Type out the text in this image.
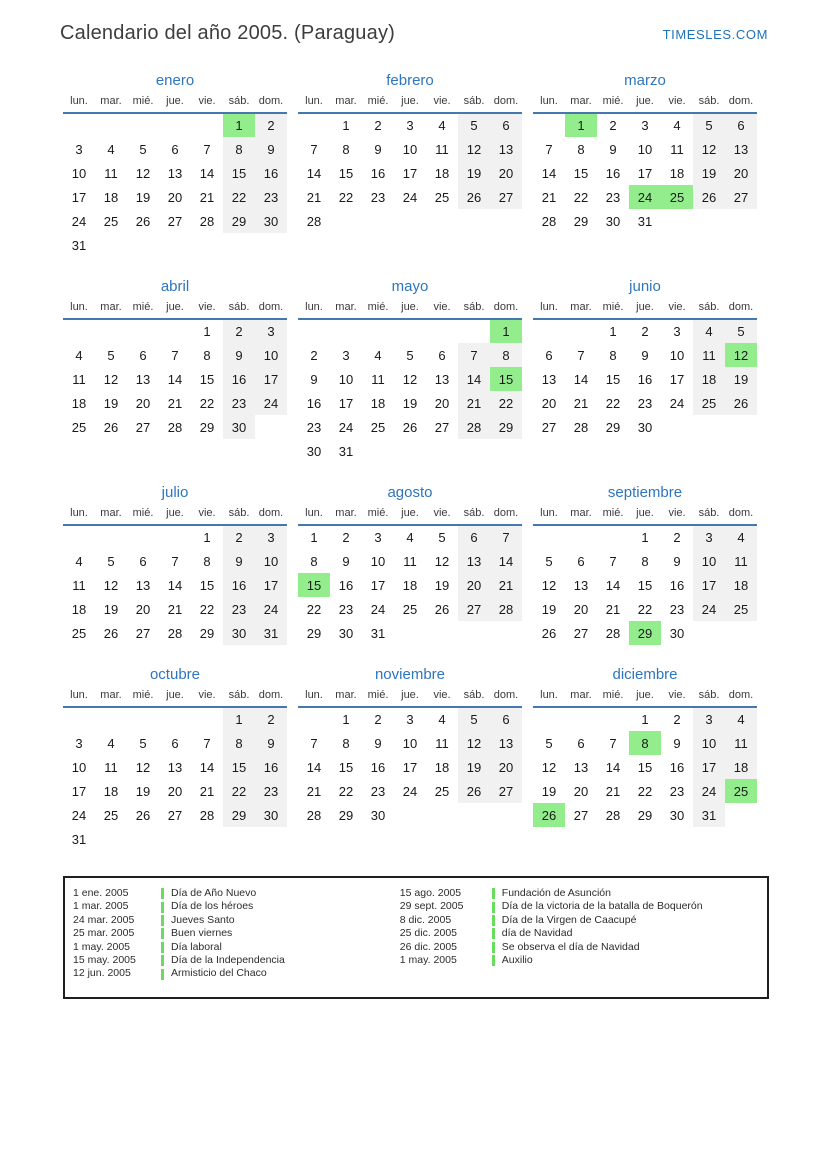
Calendario del año 2005. (Paraguay)	TIMESLES.COM
enero
lun.	mar.	mié.	jue.	vie.	sáb.	dom.
					1	2
3	4	5	6	7	8	9
10	11	12	13	14	15	16
17	18	19	20	21	22	23
24	25	26	27	28	29	30
31						
febrero
lun.	mar.	mié.	jue.	vie.	sáb.	dom.
	1	2	3	4	5	6
7	8	9	10	11	12	13
14	15	16	17	18	19	20
21	22	23	24	25	26	27
28						
marzo
lun.	mar.	mié.	jue.	vie.	sáb.	dom.
	1	2	3	4	5	6
7	8	9	10	11	12	13
14	15	16	17	18	19	20
21	22	23	24	25	26	27
28	29	30	31			
abril
lun.	mar.	mié.	jue.	vie.	sáb.	dom.
				1	2	3
4	5	6	7	8	9	10
11	12	13	14	15	16	17
18	19	20	21	22	23	24
25	26	27	28	29	30	
mayo
lun.	mar.	mié.	jue.	vie.	sáb.	dom.
						1
2	3	4	5	6	7	8
9	10	11	12	13	14	15
16	17	18	19	20	21	22
23	24	25	26	27	28	29
30	31					
junio
lun.	mar.	mié.	jue.	vie.	sáb.	dom.
		1	2	3	4	5
6	7	8	9	10	11	12
13	14	15	16	17	18	19
20	21	22	23	24	25	26
27	28	29	30			
julio
lun.	mar.	mié.	jue.	vie.	sáb.	dom.
				1	2	3
4	5	6	7	8	9	10
11	12	13	14	15	16	17
18	19	20	21	22	23	24
25	26	27	28	29	30	31
agosto
lun.	mar.	mié.	jue.	vie.	sáb.	dom.
1	2	3	4	5	6	7
8	9	10	11	12	13	14
15	16	17	18	19	20	21
22	23	24	25	26	27	28
29	30	31				
septiembre
lun.	mar.	mié.	jue.	vie.	sáb.	dom.
			1	2	3	4
5	6	7	8	9	10	11
12	13	14	15	16	17	18
19	20	21	22	23	24	25
26	27	28	29	30		
octubre
lun.	mar.	mié.	jue.	vie.	sáb.	dom.
					1	2
3	4	5	6	7	8	9
10	11	12	13	14	15	16
17	18	19	20	21	22	23
24	25	26	27	28	29	30
31						
noviembre
lun.	mar.	mié.	jue.	vie.	sáb.	dom.
	1	2	3	4	5	6
7	8	9	10	11	12	13
14	15	16	17	18	19	20
21	22	23	24	25	26	27
28	29	30				
diciembre
lun.	mar.	mié.	jue.	vie.	sáb.	dom.
			1	2	3	4
5	6	7	8	9	10	11
12	13	14	15	16	17	18
19	20	21	22	23	24	25
26	27	28	29	30	31	
1 ene. 2005	Día de Año Nuevo
1 mar. 2005	Día de los héroes
24 mar. 2005	Jueves Santo
25 mar. 2005	Buen viernes
1 may. 2005	Día laboral
15 may. 2005	Día de la Independencia
12 jun. 2005	Armisticio del Chaco
15 ago. 2005	Fundación de Asunción
29 sept. 2005	Día de la victoria de la batalla de Boquerón
8 dic. 2005	Día de la Virgen de Caacupé
25 dic. 2005	día de Navidad
26 dic. 2005	Se observa el día de Navidad
1 may. 2005	Auxilio
